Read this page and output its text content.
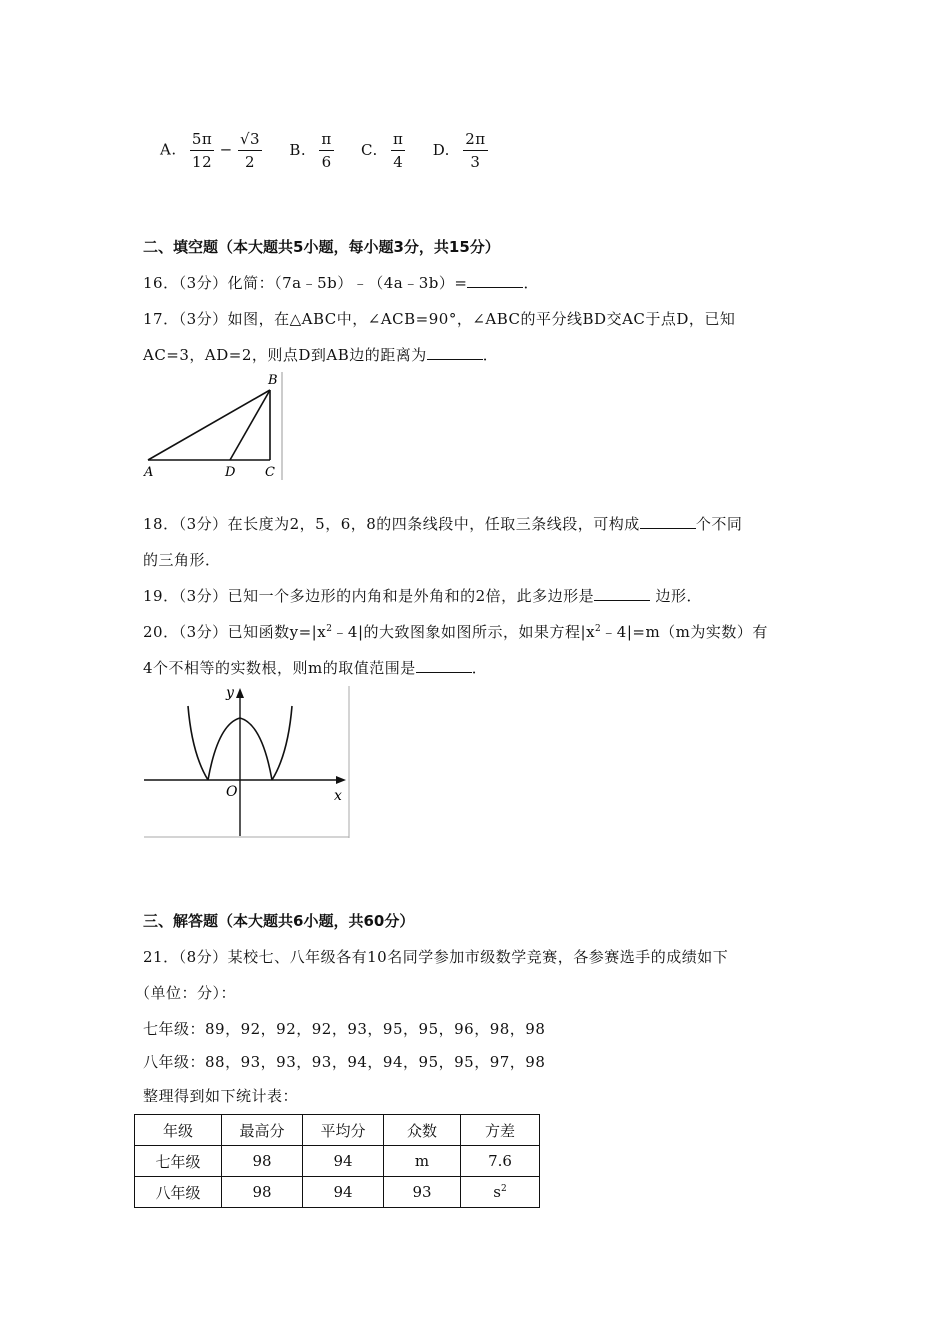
A. $\frac{5\pi}{12} - \frac{√3}{2} B$. $\frac{\pi}{6} C$. $\frac{\pi}{4} D$. $\frac{2\pi}{3}$
二、填空题（本大题共5小题，每小题3分，共15分）
16．（3分）化简：（7a﹣5b）﹣（4a﹣3b）=	．
17．（3分）如图，在△ABC中，∠ACB=90°，∠ABC的平分线BD交AC于点D，已知
AC=3，AD=2，则点D到AB边的距离为	．
A	D C
B
18．（3分）在长度为2，5，6，8的四条线段中，任取三条线段，可构成	个不同
的三角形．
19．（3分）已知一个多边形的内角和是外角和的2倍，此多边形是	边形．
20．（3分）已知函数$y=|x^2﹣4|$的大致图象如图所示，如果方程$|x^2﹣4|=m(m$为实数）有
4个不相等的实数根，则m的取值范围是	．
y
O	x
三、解答题（本大题共6小题，共60分）
21．（8分）某校七、八年级各有10名同学参加市级数学竞赛，各参赛选手的成绩如下
（单位：分）：
七年级：89，92，92，92，93，95，95，96，98，98
八年级：88，93，93，93，94，94，95，95，97，98
整理得到如下统计表：
年级	最高分	平均分	众数	方差
七年级	98	94	m	7.6
八年级	98	94	93	$s^2$
